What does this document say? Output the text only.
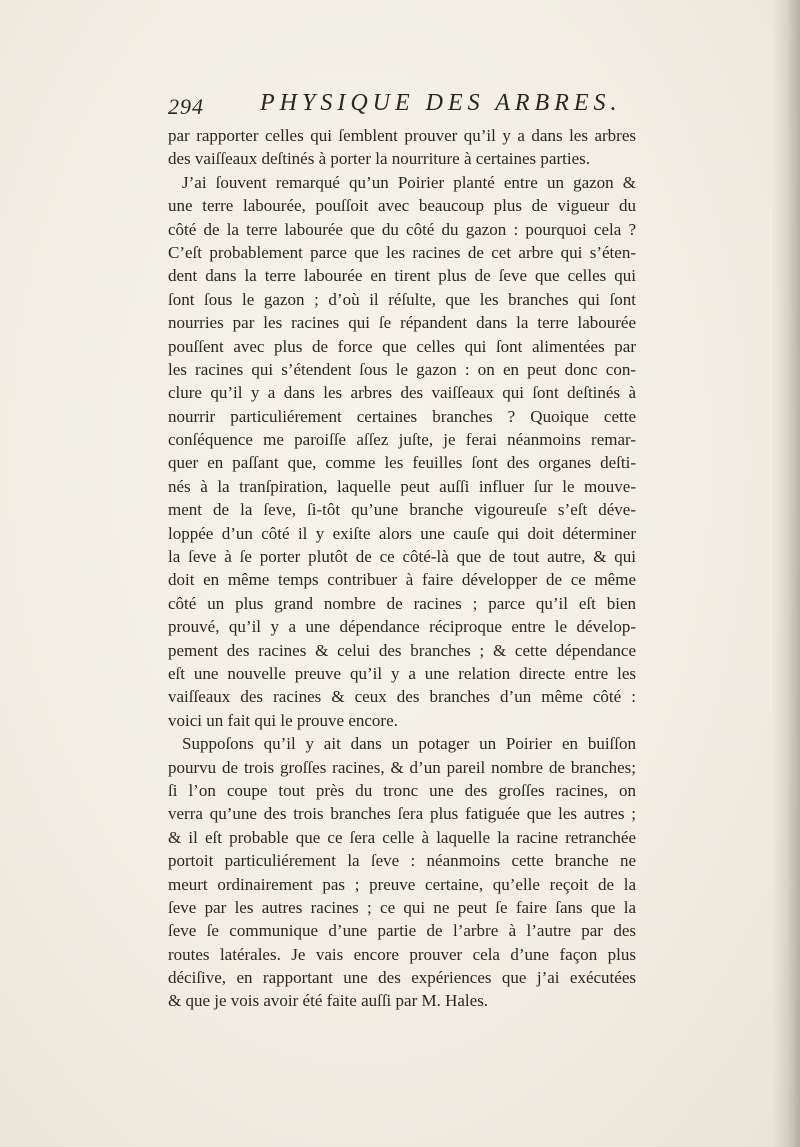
294 PHYSIQUE DES ARBRES.
par rapporter celles qui ſemblent prouver qu’il y a dans les arbres
des vaiſſeaux deſtinés à porter la nourriture à certaines parties.
J’ai ſouvent remarqué qu’un Poirier planté entre un gazon &
une terre labourée, pouſſoit avec beaucoup plus de vigueur du
côté de la terre labourée que du côté du gazon : pourquoi cela ?
C’eſt probablement parce que les racines de cet arbre qui s’éten-
dent dans la terre labourée en tirent plus de ſeve que celles qui
ſont ſous le gazon ; d’où il réſulte, que les branches qui ſont
nourries par les racines qui ſe répandent dans la terre labourée
pouſſent avec plus de force que celles qui ſont alimentées par
les racines qui s’étendent ſous le gazon : on en peut donc con-
clure qu’il y a dans les arbres des vaiſſeaux qui ſont deſtinés à
nourrir particuliérement certaines branches ? Quoique cette
conſéquence me paroiſſe aſſez juſte, je ferai néanmoins remar-
quer en paſſant que, comme les feuilles ſont des organes deſti-
nés à la tranſpiration, laquelle peut auſſi influer ſur le mouve-
ment de la ſeve, ſi-tôt qu’une branche vigoureuſe s’eſt déve-
loppée d’un côté il y exiſte alors une cauſe qui doit déterminer
la ſeve à ſe porter plutôt de ce côté-là que de tout autre, & qui
doit en même temps contribuer à faire développer de ce même
côté un plus grand nombre de racines ; parce qu’il eſt bien
prouvé, qu’il y a une dépendance réciproque entre le dévelop-
pement des racines & celui des branches ; & cette dépendance
eſt une nouvelle preuve qu’il y a une relation directe entre les
vaiſſeaux des racines & ceux des branches d’un même côté :
voici un fait qui le prouve encore.
Suppoſons qu’il y ait dans un potager un Poirier en buiſſon
pourvu de trois groſſes racines, & d’un pareil nombre de branches;
ſi l’on coupe tout près du tronc une des groſſes racines, on
verra qu’une des trois branches ſera plus fatiguée que les autres ;
& il eſt probable que ce ſera celle à laquelle la racine retranchée
portoit particuliérement la ſeve : néanmoins cette branche ne
meurt ordinairement pas ; preuve certaine, qu’elle reçoit de la
ſeve par les autres racines ; ce qui ne peut ſe faire ſans que la
ſeve ſe communique d’une partie de l’arbre à l’autre par des
routes latérales. Je vais encore prouver cela d’une façon plus
déciſive, en rapportant une des expériences que j’ai exécutées
& que je vois avoir été faite auſſi par M. Hales.
